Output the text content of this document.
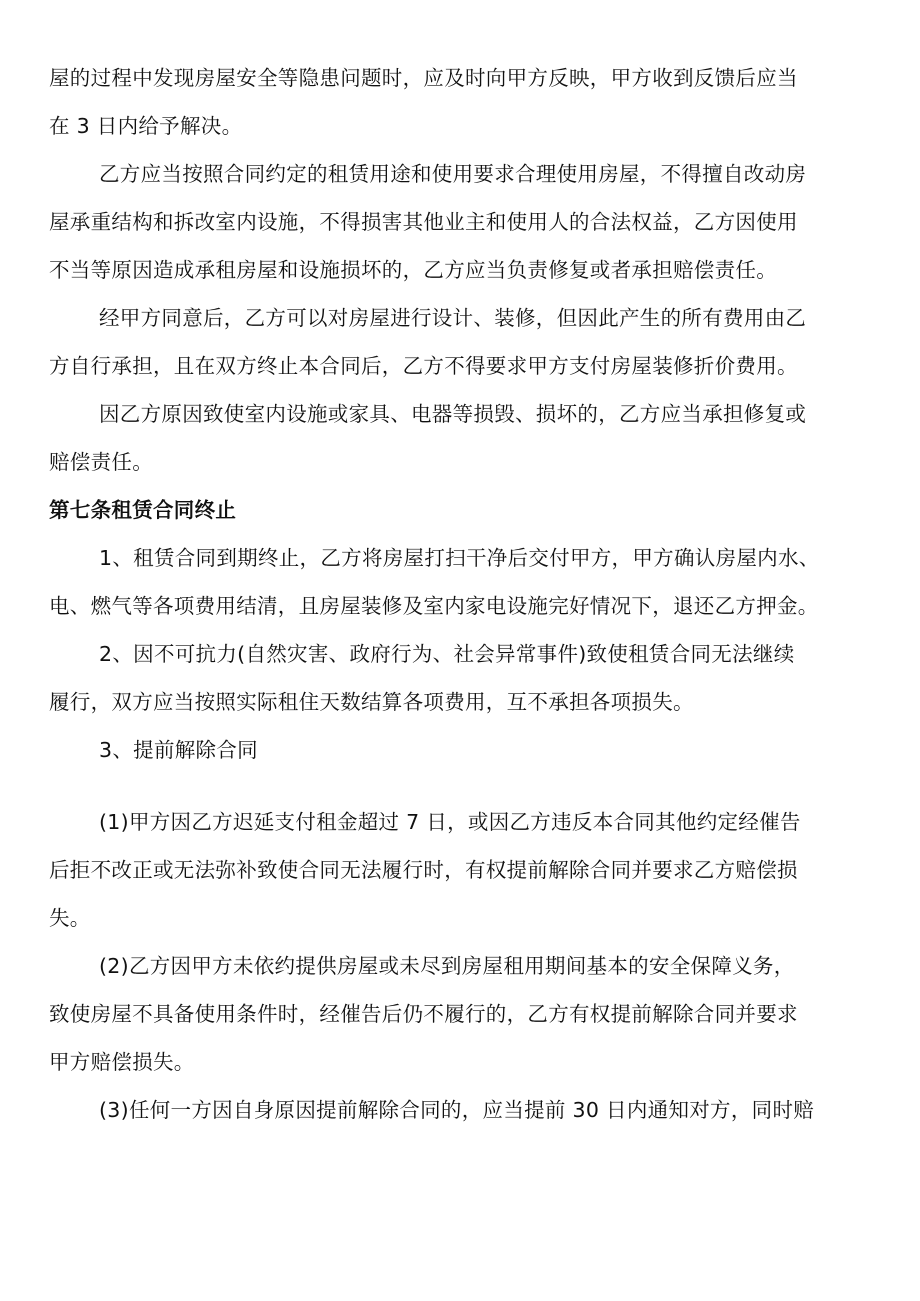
屋的过程中发现房屋安全等隐患问题时，应及时向甲方反映，甲方收到反馈后应当
在 3 日内给予解决。
乙方应当按照合同约定的租赁用途和使用要求合理使用房屋，不得擅自改动房
屋承重结构和拆改室内设施，不得损害其他业主和使用人的合法权益，乙方因使用
不当等原因造成承租房屋和设施损坏的，乙方应当负责修复或者承担赔偿责任。
经甲方同意后，乙方可以对房屋进行设计、装修，但因此产生的所有费用由乙
方自行承担，且在双方终止本合同后，乙方不得要求甲方支付房屋装修折价费用。
因乙方原因致使室内设施或家具、电器等损毁、损坏的，乙方应当承担修复或
赔偿责任。
第七条租赁合同终止
1、租赁合同到期终止，乙方将房屋打扫干净后交付甲方，甲方确认房屋内水、
电、燃气等各项费用结清，且房屋装修及室内家电设施完好情况下，退还乙方押金。
2、因不可抗力(自然灾害、政府行为、社会异常事件)致使租赁合同无法继续
履行，双方应当按照实际租住天数结算各项费用，互不承担各项损失。
3、提前解除合同
(1)甲方因乙方迟延支付租金超过 7 日，或因乙方违反本合同其他约定经催告
后拒不改正或无法弥补致使合同无法履行时，有权提前解除合同并要求乙方赔偿损
失。
(2)乙方因甲方未依约提供房屋或未尽到房屋租用期间基本的安全保障义务，
致使房屋不具备使用条件时，经催告后仍不履行的，乙方有权提前解除合同并要求
甲方赔偿损失。
(3)任何一方因自身原因提前解除合同的，应当提前 30 日内通知对方，同时赔
